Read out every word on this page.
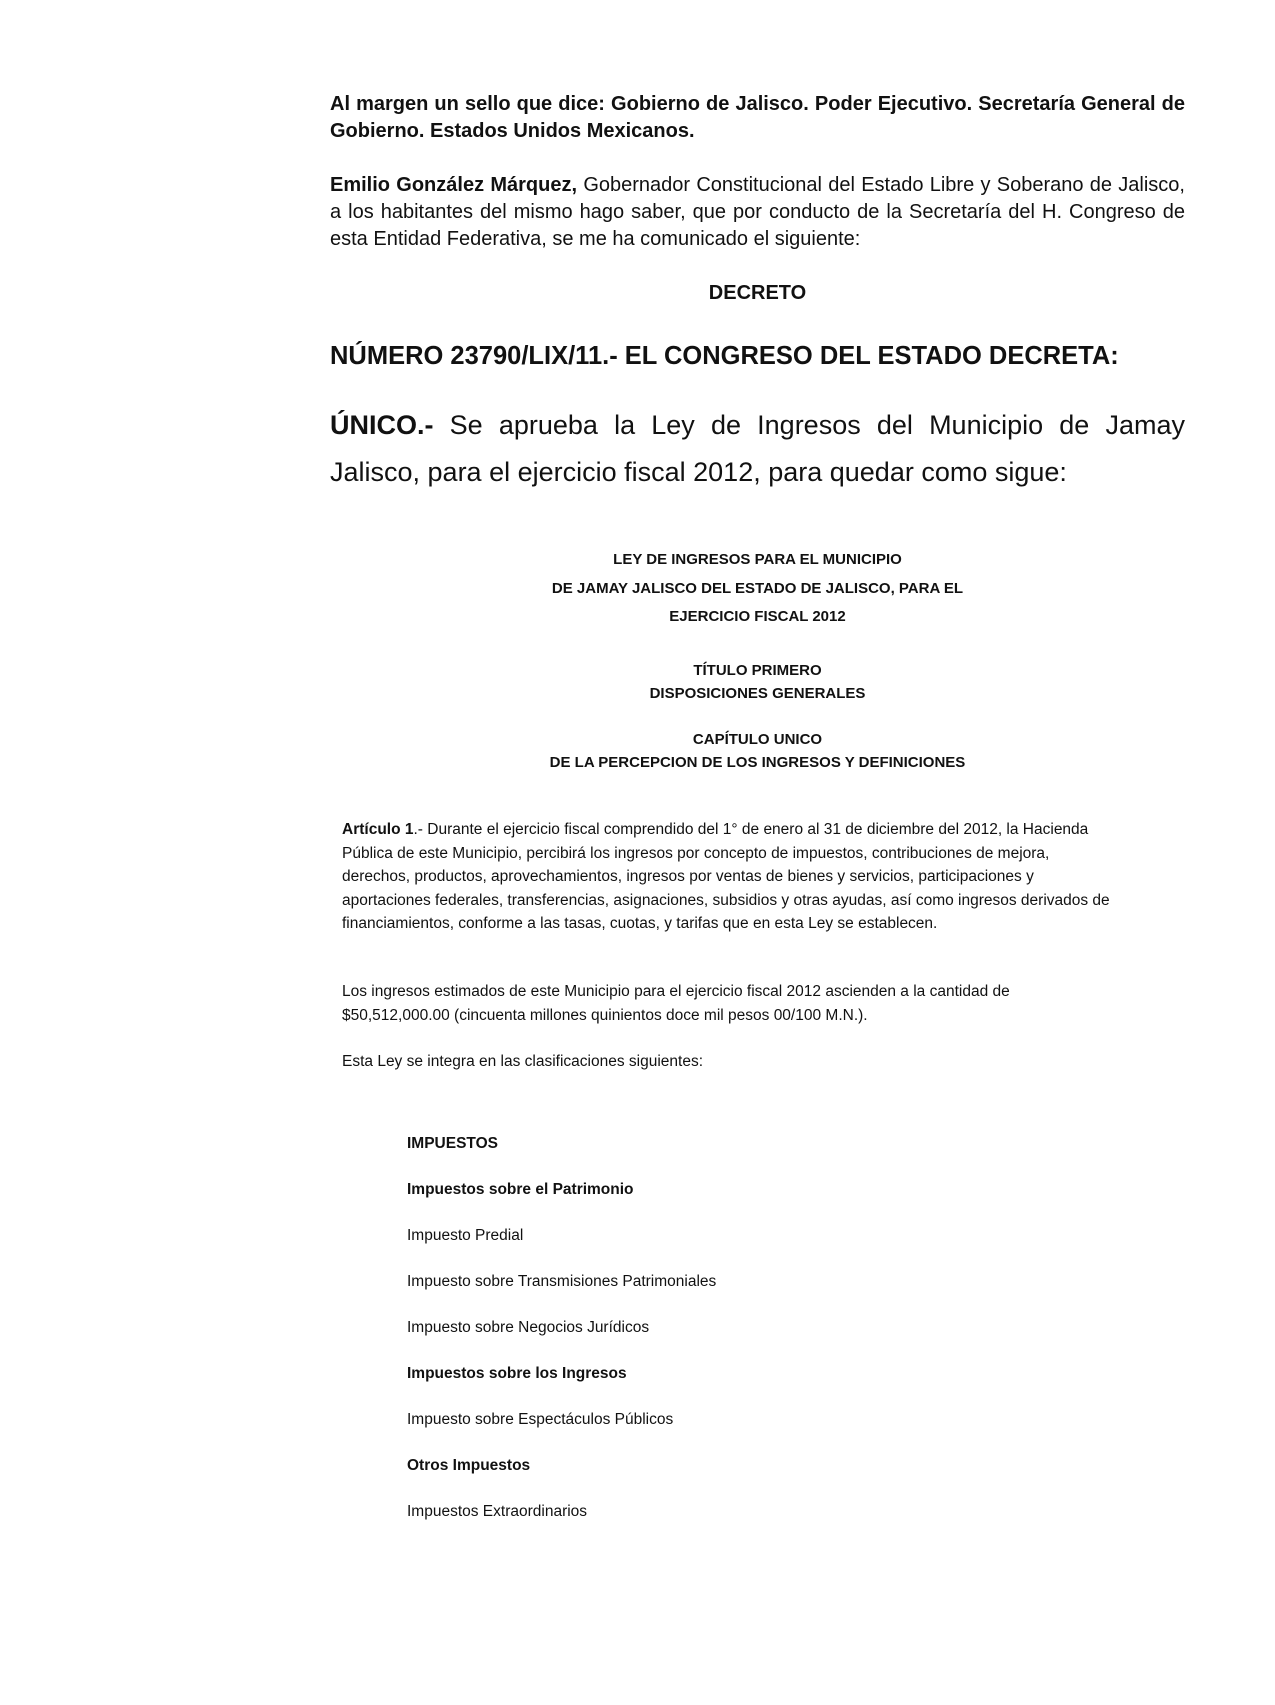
Al margen un sello que dice: Gobierno de Jalisco. Poder Ejecutivo. Secretaría General de Gobierno. Estados Unidos Mexicanos.
Emilio González Márquez, Gobernador Constitucional del Estado Libre y Soberano de Jalisco, a los habitantes del mismo hago saber, que por conducto de la Secretaría del H. Congreso de esta Entidad Federativa, se me ha comunicado el siguiente:
DECRETO
NÚMERO 23790/LIX/11.- EL CONGRESO DEL ESTADO DECRETA:
ÚNICO.- Se aprueba la Ley de Ingresos del Municipio de Jamay Jalisco, para el ejercicio fiscal 2012, para quedar como sigue:
LEY DE INGRESOS PARA EL MUNICIPIO
DE JAMAY JALISCO DEL ESTADO DE JALISCO, PARA EL
EJERCICIO FISCAL 2012
TÍTULO PRIMERO
DISPOSICIONES GENERALES
CAPÍTULO UNICO
DE LA PERCEPCION DE LOS INGRESOS Y DEFINICIONES
Artículo 1.- Durante el ejercicio fiscal comprendido del 1° de enero al 31 de diciembre del 2012, la Hacienda Pública de este Municipio, percibirá los ingresos por concepto de impuestos, contribuciones de mejora, derechos, productos, aprovechamientos, ingresos por ventas de bienes y servicios, participaciones y aportaciones federales, transferencias, asignaciones, subsidios y otras ayudas, así como ingresos derivados de financiamientos, conforme a las tasas, cuotas, y tarifas que en esta Ley se establecen.
Los ingresos estimados de este Municipio para el ejercicio fiscal 2012 ascienden a la cantidad de $50,512,000.00 (cincuenta millones quinientos doce mil pesos 00/100 M.N.).
Esta Ley se integra en las clasificaciones siguientes:
IMPUESTOS
Impuestos sobre el Patrimonio
Impuesto Predial
Impuesto sobre Transmisiones Patrimoniales
Impuesto sobre Negocios Jurídicos
Impuestos sobre los Ingresos
Impuesto sobre Espectáculos Públicos
Otros Impuestos
Impuestos Extraordinarios
